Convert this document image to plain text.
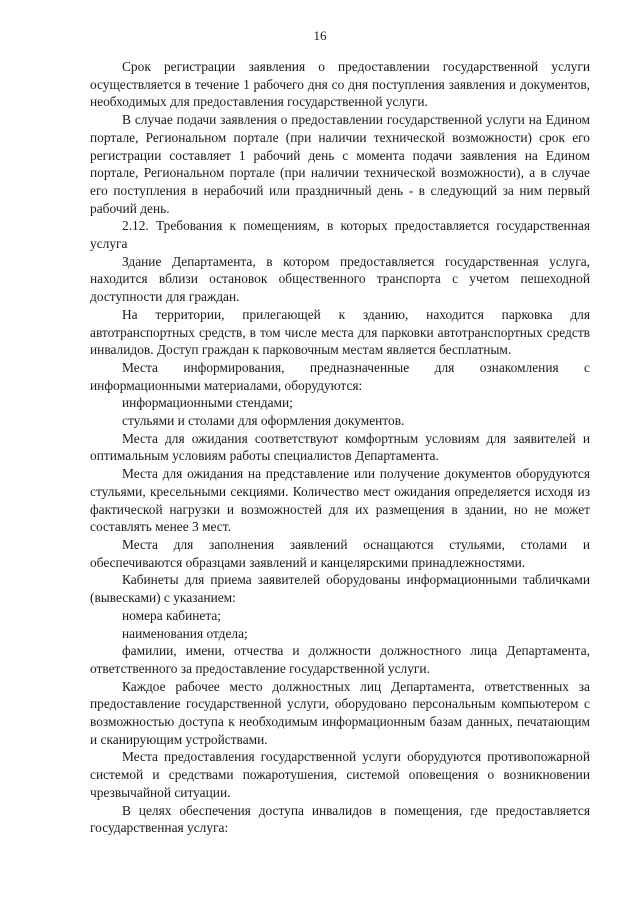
16

Срок регистрации заявления о предоставлении государственной услуги осуществляется в течение 1 рабочего дня со дня поступления заявления и документов, необходимых для предоставления государственной услуги.

В случае подачи заявления о предоставлении государственной услуги на Едином портале, Региональном портале (при наличии технической возможности) срок его регистрации составляет 1 рабочий день с момента подачи заявления на Едином портале, Региональном портале (при наличии технической возможности), а в случае его поступления в нерабочий или праздничный день - в следующий за ним первый рабочий день.

2.12. Требования к помещениям, в которых предоставляется государственная услуга

Здание Департамента, в котором предоставляется государственная услуга, находится вблизи остановок общественного транспорта с учетом пешеходной доступности для граждан.

На территории, прилегающей к зданию, находится парковка для автотранспортных средств, в том числе места для парковки автотранспортных средств инвалидов. Доступ граждан к парковочным местам является бесплатным.

Места информирования, предназначенные для ознакомления с информационными материалами, оборудуются:

информационными стендами;

стульями и столами для оформления документов.

Места для ожидания соответствуют комфортным условиям для заявителей и оптимальным условиям работы специалистов Департамента.

Места для ожидания на представление или получение документов оборудуются стульями, кресельными секциями. Количество мест ожидания определяется исходя из фактической нагрузки и возможностей для их размещения в здании, но не может составлять менее 3 мест.

Места для заполнения заявлений оснащаются стульями, столами и обеспечиваются образцами заявлений и канцелярскими принадлежностями.

Кабинеты для приема заявителей оборудованы информационными табличками (вывесками) с указанием:

номера кабинета;

наименования отдела;

фамилии, имени, отчества и должности должностного лица Департамента, ответственного за предоставление государственной услуги.

Каждое рабочее место должностных лиц Департамента, ответственных за предоставление государственной услуги, оборудовано персональным компьютером с возможностью доступа к необходимым информационным базам данных, печатающим и сканирующим устройствами.

Места предоставления государственной услуги оборудуются противопожарной системой и средствами пожаротушения, системой оповещения о возникновении чрезвычайной ситуации.

В целях обеспечения доступа инвалидов в помещения, где предоставляется государственная услуга:
